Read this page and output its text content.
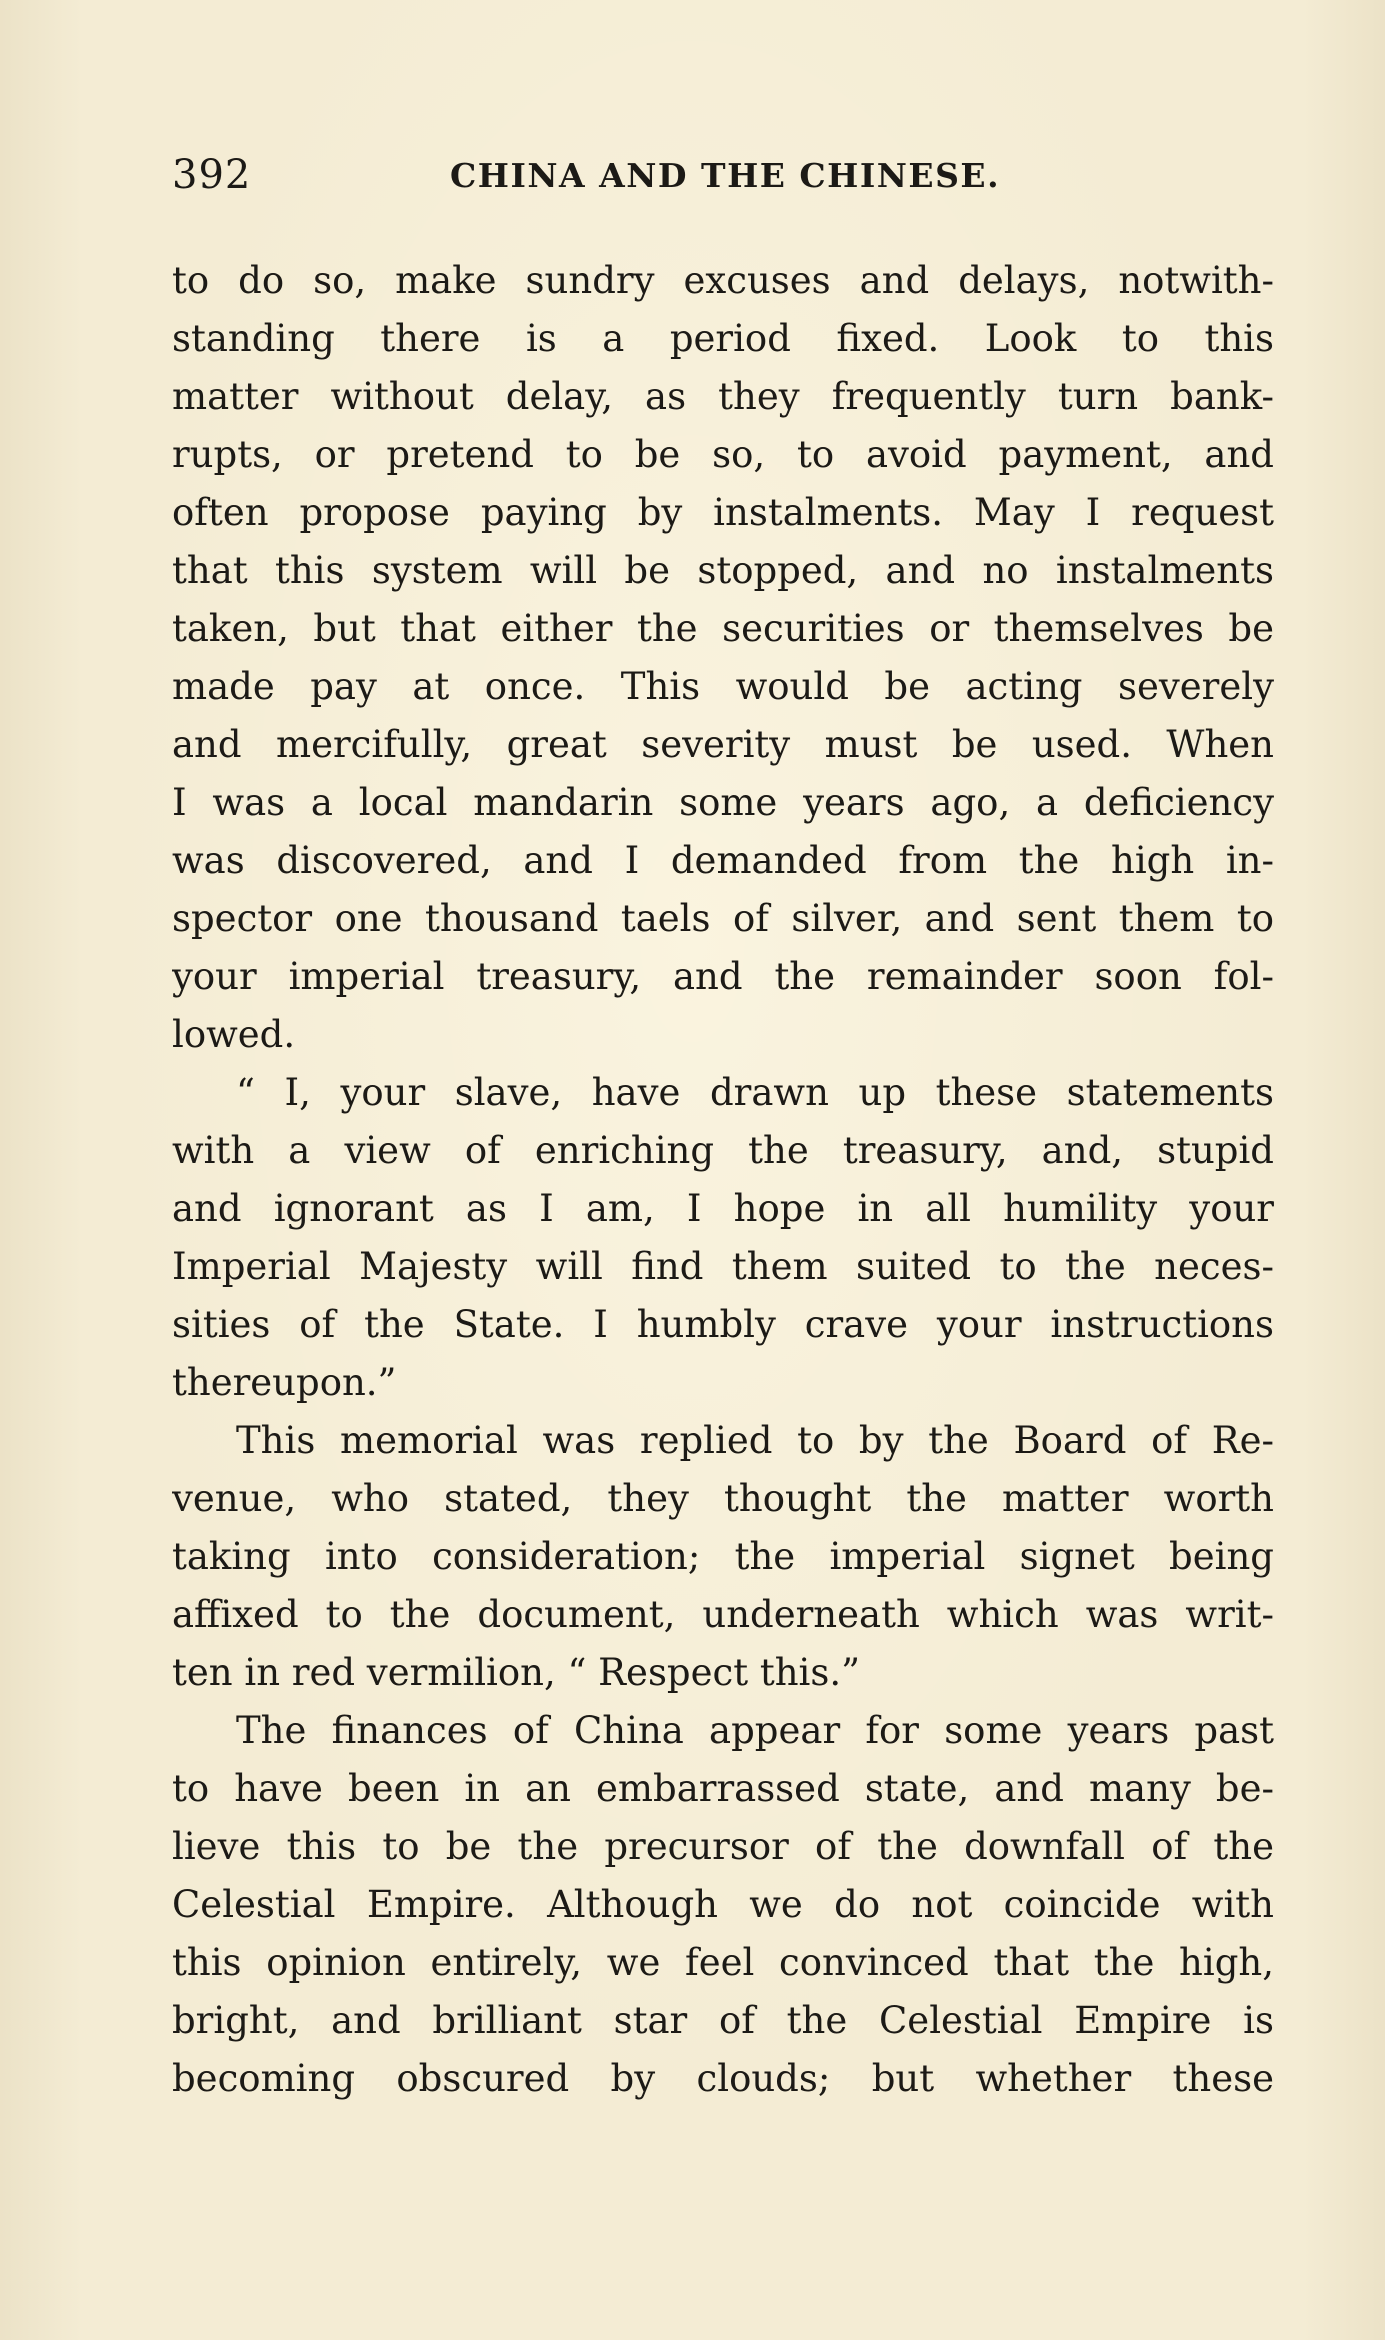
392	CHINA AND THE CHINESE.
to do so, make sundry excuses and delays, notwith-
standing there is a period fixed. Look to this
matter without delay, as they frequently turn bank-
rupts, or pretend to be so, to avoid payment, and
often propose paying by instalments. May I request
that this system will be stopped, and no instalments
taken, but that either the securities or themselves be
made pay at once. This would be acting severely
and mercifully, great severity must be used. When
I was a local mandarin some years ago, a deficiency
was discovered, and I demanded from the high in-
spector one thousand taels of silver, and sent them to
your imperial treasury, and the remainder soon fol-
lowed.
“ I, your slave, have drawn up these statements
with a view of enriching the treasury, and, stupid
and ignorant as I am, I hope in all humility your
Imperial Majesty will find them suited to the neces-
sities of the State. I humbly crave your instructions
thereupon.”
This memorial was replied to by the Board of Re-
venue, who stated, they thought the matter worth
taking into consideration; the imperial signet being
affixed to the document, underneath which was writ-
ten in red vermilion, “ Respect this.”
The finances of China appear for some years past
to have been in an embarrassed state, and many be-
lieve this to be the precursor of the downfall of the
Celestial Empire. Although we do not coincide with
this opinion entirely, we feel convinced that the high,
bright, and brilliant star of the Celestial Empire is
becoming obscured by clouds; but whether these
